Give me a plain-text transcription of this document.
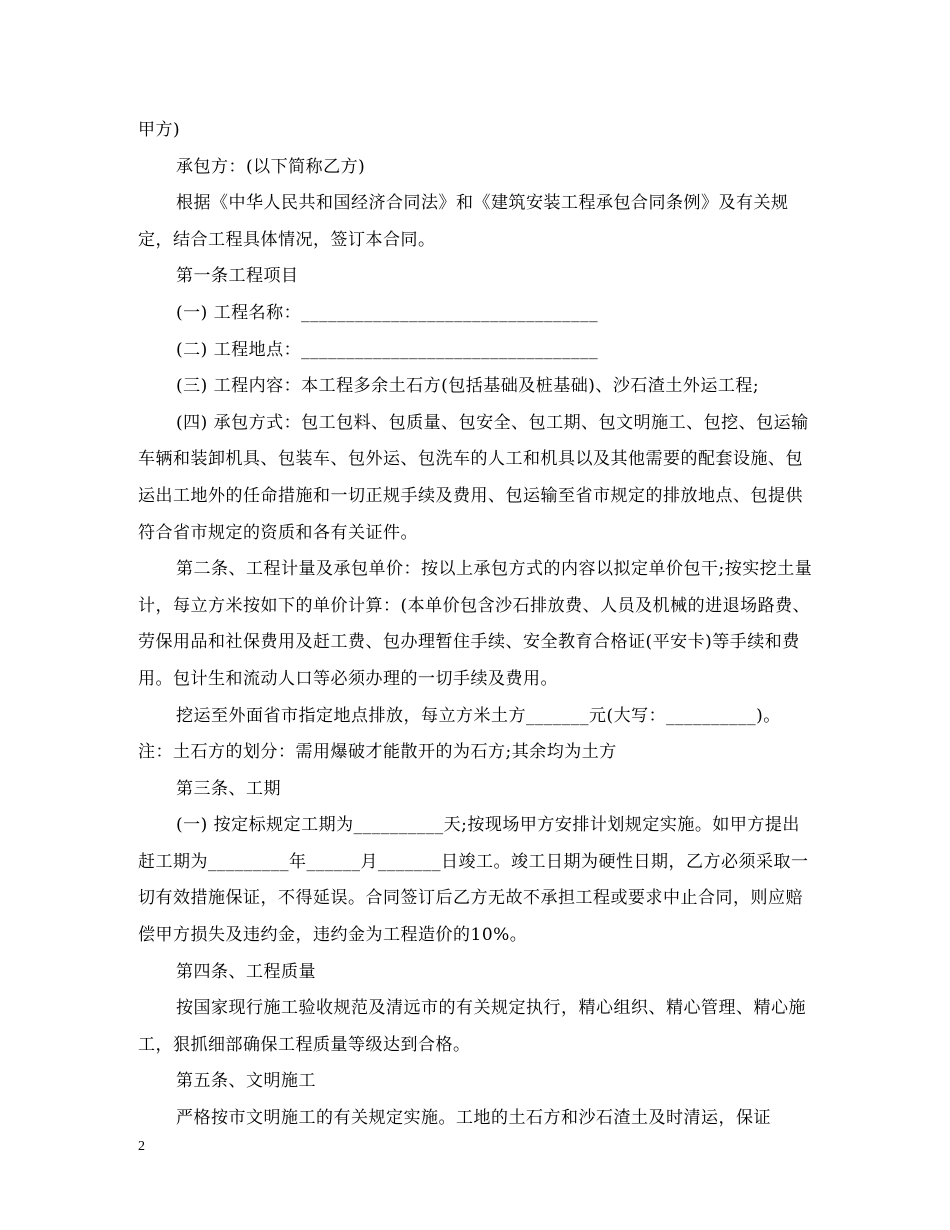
甲方)

承包方：(以下简称乙方)

根据《中华人民共和国经济合同法》和《建筑安装工程承包合同条例》及有关规定，结合工程具体情况，签订本合同。

第一条工程项目

(一) 工程名称：_________________________________

(二) 工程地点：_________________________________

(三) 工程内容：本工程多余土石方(包括基础及桩基础)、沙石渣土外运工程;

(四) 承包方式：包工包料、包质量、包安全、包工期、包文明施工、包挖、包运输车辆和装卸机具、包装车、包外运、包洗车的人工和机具以及其他需要的配套设施、包运出工地外的任命措施和一切正规手续及费用、包运输至省市规定的排放地点、包提供符合省市规定的资质和各有关证件。

第二条、工程计量及承包单价：按以上承包方式的内容以拟定单价包干;按实挖土量计，每立方米按如下的单价计算：(本单价包含沙石排放费、人员及机械的进退场路费、劳保用品和社保费用及赶工费、包办理暂住手续、安全教育合格证(平安卡)等手续和费用。包计生和流动人口等必须办理的一切手续及费用。

挖运至外面省市指定地点排放，每立方米土方_______元(大写：__________)。

注：土石方的划分：需用爆破才能散开的为石方;其余均为土方

第三条、工期

(一) 按定标规定工期为__________天;按现场甲方安排计划规定实施。如甲方提出赶工期为_________年______月_______日竣工。竣工日期为硬性日期，乙方必须采取一切有效措施保证，不得延误。合同签订后乙方无故不承担工程或要求中止合同，则应赔偿甲方损失及违约金，违约金为工程造价的10%。

第四条、工程质量

按国家现行施工验收规范及清远市的有关规定执行，精心组织、精心管理、精心施工，狠抓细部确保工程质量等级达到合格。

第五条、文明施工

严格按市文明施工的有关规定实施。工地的土石方和沙石渣土及时清运，保证

2
